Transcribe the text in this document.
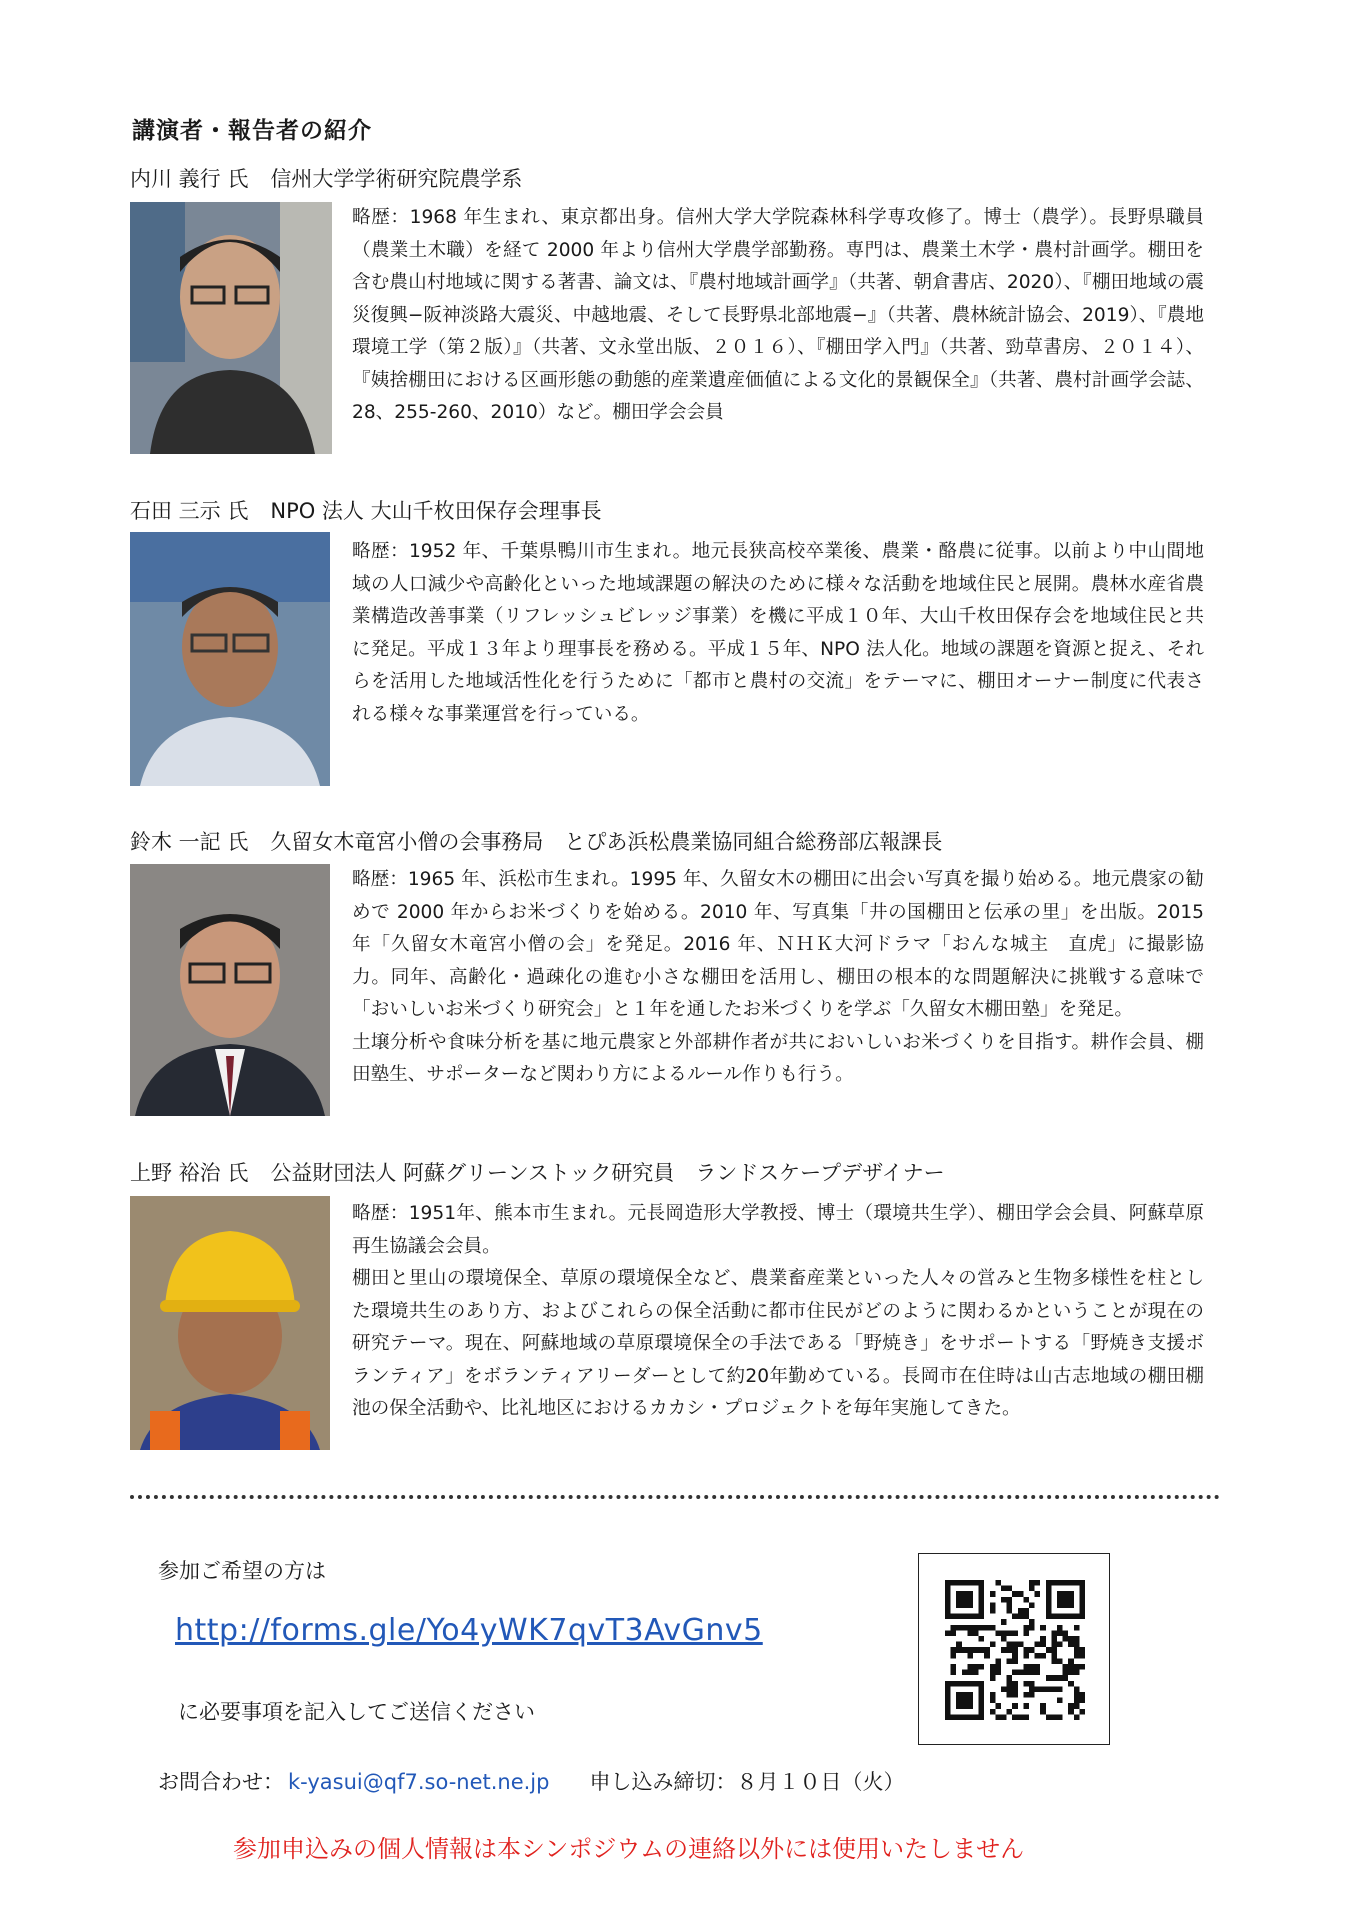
講演者・報告者の紹介
内川 義行 氏 信州大学学術研究院農学系
略歴：1968 年生まれ、東京都出身。信州大学大学院森林科学専攻修了。博士（農学）。長野県職員（農業土木職）を経て 2000 年より信州大学農学部勤務。専門は、農業土木学・農村計画学。棚田を含む農山村地域に関する著書、論文は、『農村地域計画学』（共著、朝倉書店、2020）、『棚田地域の震災復興−阪神淡路大震災、中越地震、そして長野県北部地震−』（共著、農林統計協会、2019）、『農地環境工学（第２版）』（共著、文永堂出版、２０１６）、『棚田学入門』（共著、勁草書房、２０１４）、『姨捨棚田における区画形態の動態的産業遺産価値による文化的景観保全』（共著、農村計画学会誌、28、255-260、2010）など。棚田学会会員
石田 三示 氏 NPO 法人 大山千枚田保存会理事長
略歴：1952 年、千葉県鴨川市生まれ。地元長狭高校卒業後、農業・酪農に従事。以前より中山間地域の人口減少や高齢化といった地域課題の解決のために様々な活動を地域住民と展開。農林水産省農業構造改善事業（リフレッシュビレッジ事業）を機に平成１０年、大山千枚田保存会を地域住民と共に発足。平成１３年より理事長を務める。平成１５年、NPO 法人化。地域の課題を資源と捉え、それらを活用した地域活性化を行うために「都市と農村の交流」をテーマに、棚田オーナー制度に代表される様々な事業運営を行っている。
鈴木 一記 氏 久留女木竜宮小僧の会事務局　とぴあ浜松農業協同組合総務部広報課長
略歴：1965 年、浜松市生まれ。1995 年、久留女木の棚田に出会い写真を撮り始める。地元農家の勧めで 2000 年からお米づくりを始める。2010 年、写真集「井の国棚田と伝承の里」を出版。2015 年「久留女木竜宮小僧の会」を発足。2016 年、ＮＨＫ大河ドラマ「おんな城主　直虎」に撮影協力。同年、高齢化・過疎化の進む小さな棚田を活用し、棚田の根本的な問題解決に挑戦する意味で「おいしいお米づくり研究会」と１年を通したお米づくりを学ぶ「久留女木棚田塾」を発足。
土壌分析や食味分析を基に地元農家と外部耕作者が共においしいお米づくりを目指す。耕作会員、棚田塾生、サポーターなど関わり方によるルール作りも行う。
上野 裕治 氏 公益財団法人 阿蘇グリーンストック研究員　ランドスケープデザイナー
略歴：1951年、熊本市生まれ。元長岡造形大学教授、博士（環境共生学）、棚田学会会員、阿蘇草原再生協議会会員。
棚田と里山の環境保全、草原の環境保全など、農業畜産業といった人々の営みと生物多様性を柱とした環境共生のあり方、およびこれらの保全活動に都市住民がどのように関わるかということが現在の研究テーマ。現在、阿蘇地域の草原環境保全の手法である「野焼き」をサポートする「野焼き支援ボランティア」をボランティアリーダーとして約20年勤めている。長岡市在住時は山古志地域の棚田棚池の保全活動や、比礼地区におけるカカシ・プロジェクトを毎年実施してきた。
参加ご希望の方は
http://forms.gle/Yo4yWK7qvT3AvGnv5
に必要事項を記入してご送信ください
お問合わせ： k-yasui@qf7.so-net.ne.jp 申し込み締切：８月１０日（火）
参加申込みの個人情報は本シンポジウムの連絡以外には使用いたしません
